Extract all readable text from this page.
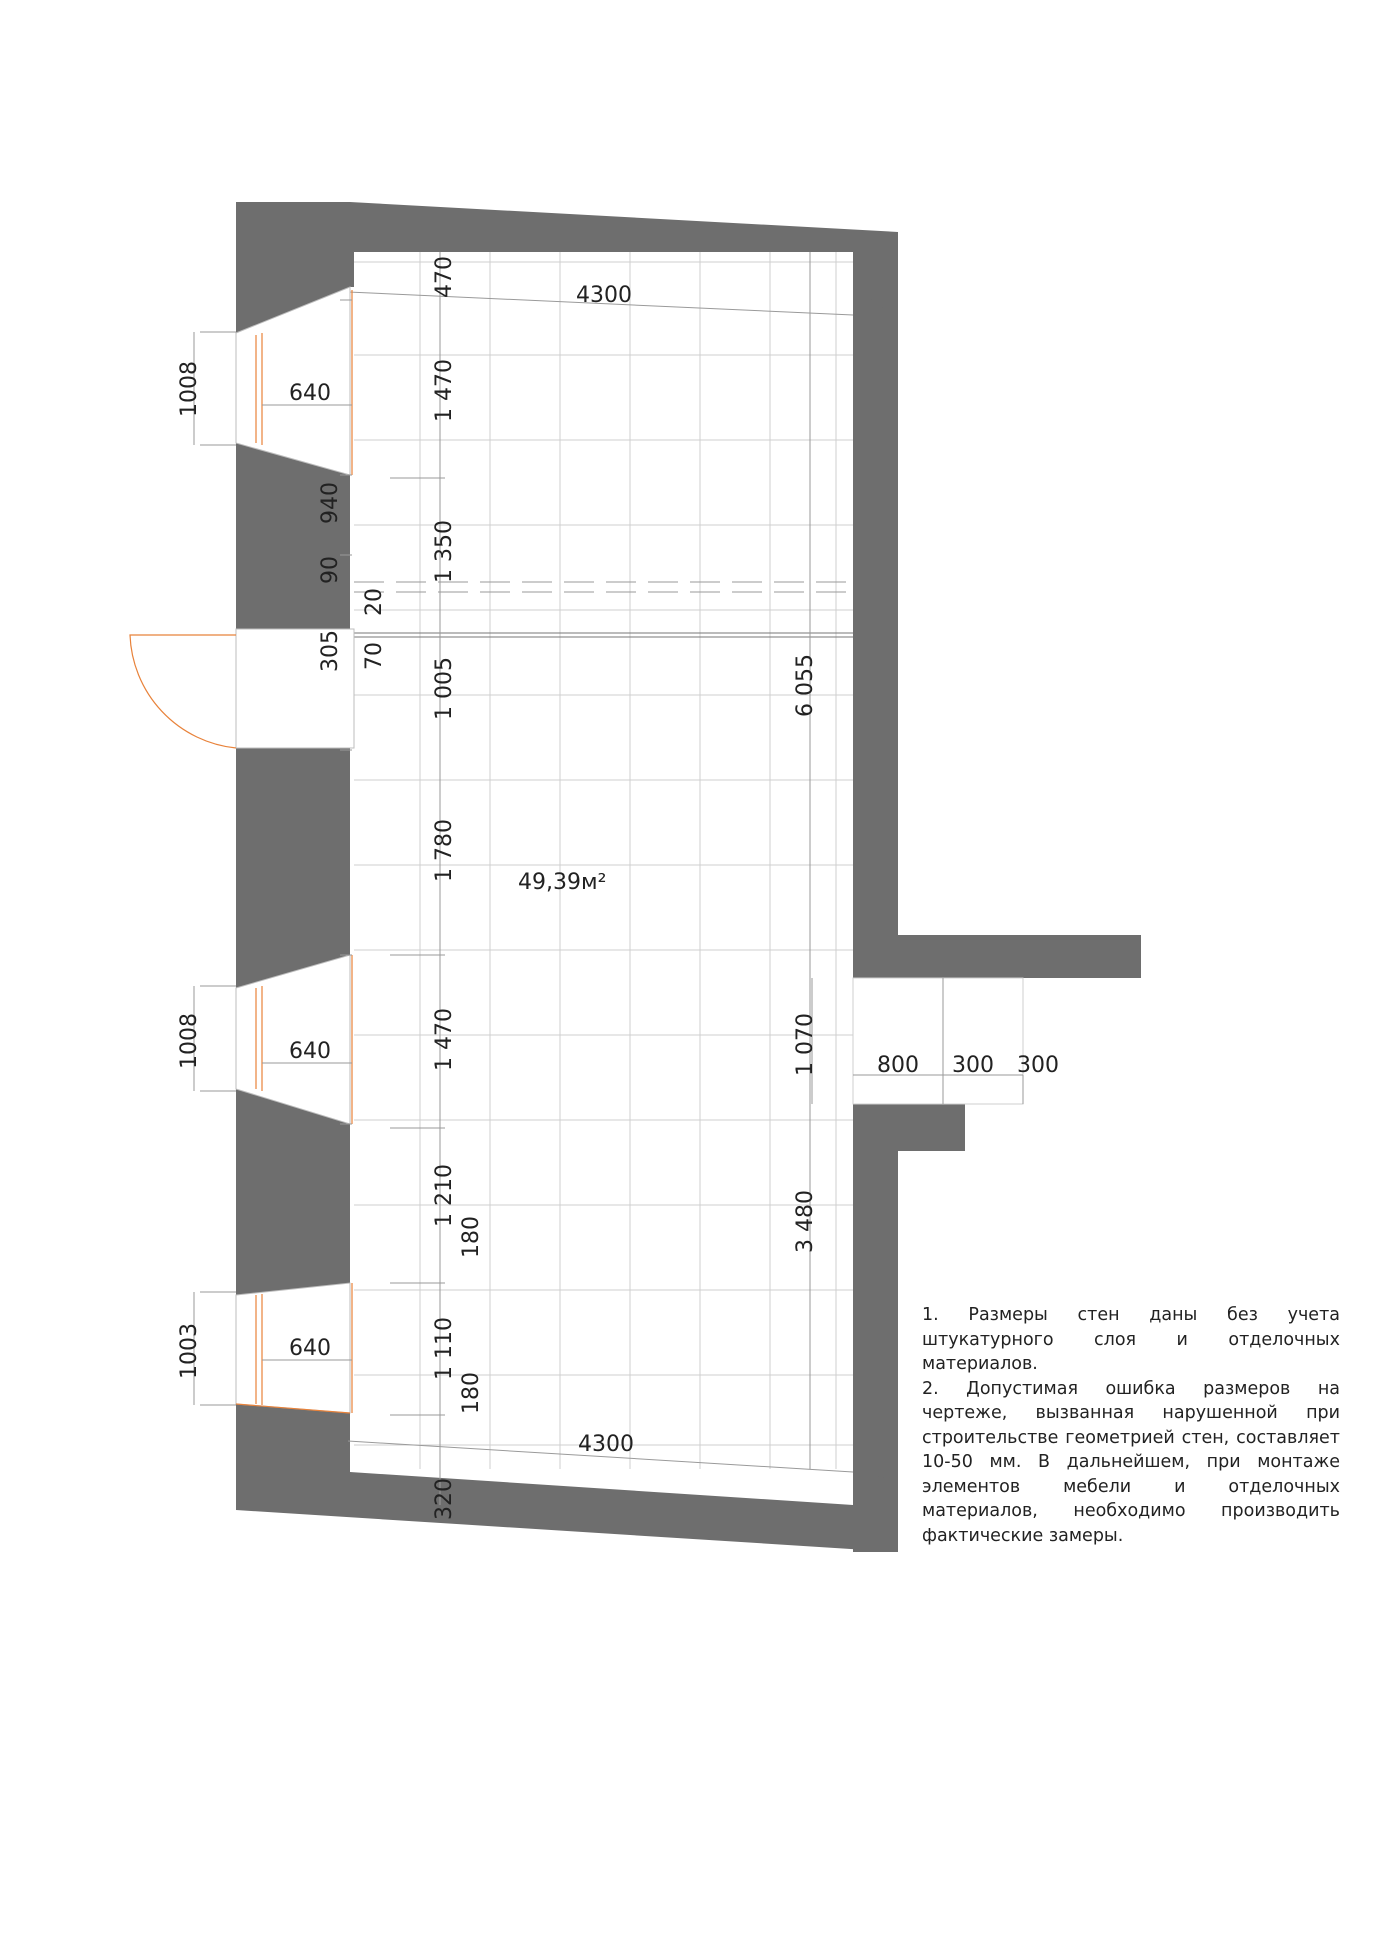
4300
4300
640
640
640
800 300 300
1008
1008
1003
470
1 470
1 350
1 005
1 780
1 470
1 210
1 110
320
940
90
305
20
70
180
180
6 055
1 070
3 480
49,39м²

1. Размеры стен даны без учета штукатурного слоя и отделочных материалов.

2. Допустимая ошибка размеров на чертеже, вызванная нарушенной при строительстве геометрией стен, составляет 10-50 мм. В дальнейшем, при монтаже элементов мебели и отделочных материалов, необходимо производить фактические замеры.
